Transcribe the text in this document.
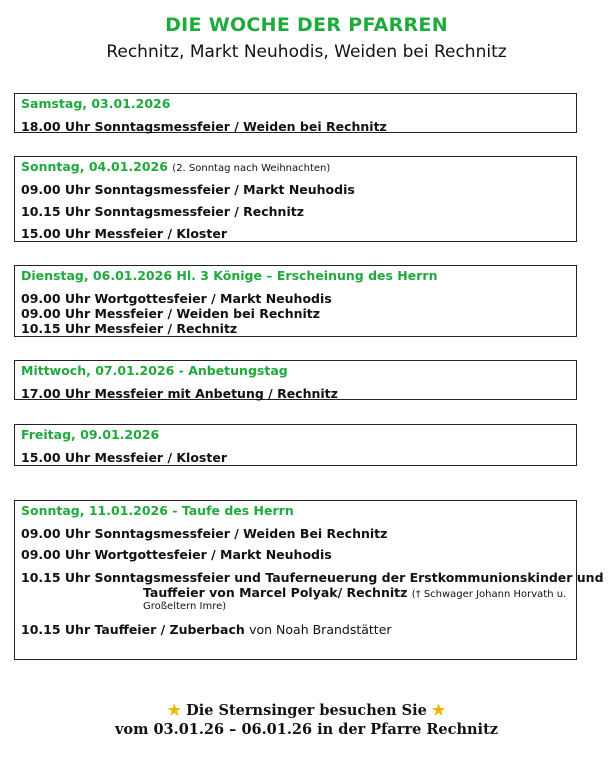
DIE WOCHE DER PFARREN
Rechnitz, Markt Neuhodis, Weiden bei Rechnitz
Samstag, 03.01.2026
18.00 Uhr Sonntagsmessfeier / Weiden bei Rechnitz
Sonntag, 04.01.2026 (2. Sonntag nach Weihnachten)
09.00 Uhr Sonntagsmessfeier / Markt Neuhodis
10.15 Uhr Sonntagsmessfeier / Rechnitz
15.00 Uhr Messfeier / Kloster
Dienstag, 06.01.2026 Hl. 3 Könige – Erscheinung des Herrn
09.00 Uhr Wortgottesfeier / Markt Neuhodis
09.00 Uhr Messfeier / Weiden bei Rechnitz
10.15 Uhr Messfeier / Rechnitz
Mittwoch, 07.01.2026 - Anbetungstag
17.00 Uhr Messfeier mit Anbetung / Rechnitz
Freitag, 09.01.2026
15.00 Uhr Messfeier / Kloster
Sonntag, 11.01.2026 - Taufe des Herrn
09.00 Uhr Sonntagsmessfeier / Weiden Bei Rechnitz
09.00 Uhr Wortgottesfeier / Markt Neuhodis
10.15 Uhr Sonntagsmessfeier und Tauferneuerung der Erstkommunionskinder und
Tauffeier von Marcel Polyak/ Rechnitz († Schwager Johann Horvath u.
Großeltern Imre)
10.15 Uhr Tauffeier / Zuberbach von Noah Brandstätter
★ Die Sternsinger besuchen Sie ★
vom 03.01.26 – 06.01.26 in der Pfarre Rechnitz
